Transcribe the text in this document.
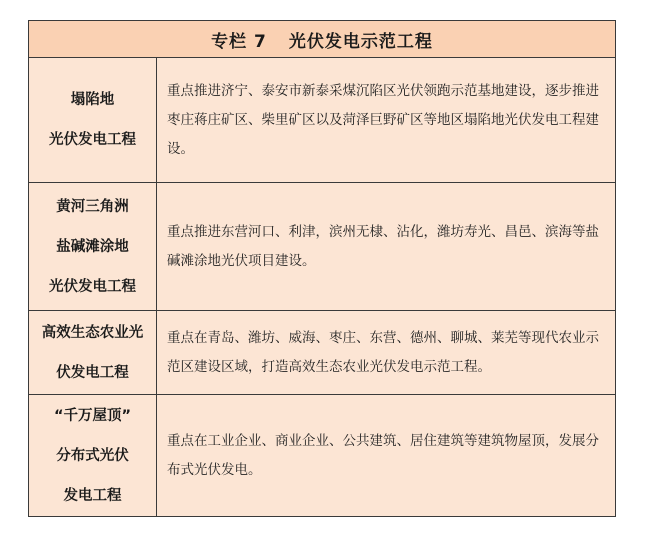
专栏 7 光伏发电示范工程
塌陷地
光伏发电工程

重点推进济宁、泰安市新泰采煤沉陷区光伏领跑示范基地建设，逐步推进枣庄蒋庄矿区、柴里矿区以及菏泽巨野矿区等地区塌陷地光伏发电工程建设。

黄河三角洲
盐碱滩涂地
光伏发电工程

重点推进东营河口、利津，滨州无棣、沾化，潍坊寿光、昌邑、滨海等盐碱滩涂地光伏项目建设。

高效生态农业光
伏发电工程

重点在青岛、潍坊、威海、枣庄、东营、德州、聊城、莱芜等现代农业示范区建设区域，打造高效生态农业光伏发电示范工程。

“千万屋顶”
分布式光伏
发电工程

重点在工业企业、商业企业、公共建筑、居住建筑等建筑物屋顶，发展分布式光伏发电。
